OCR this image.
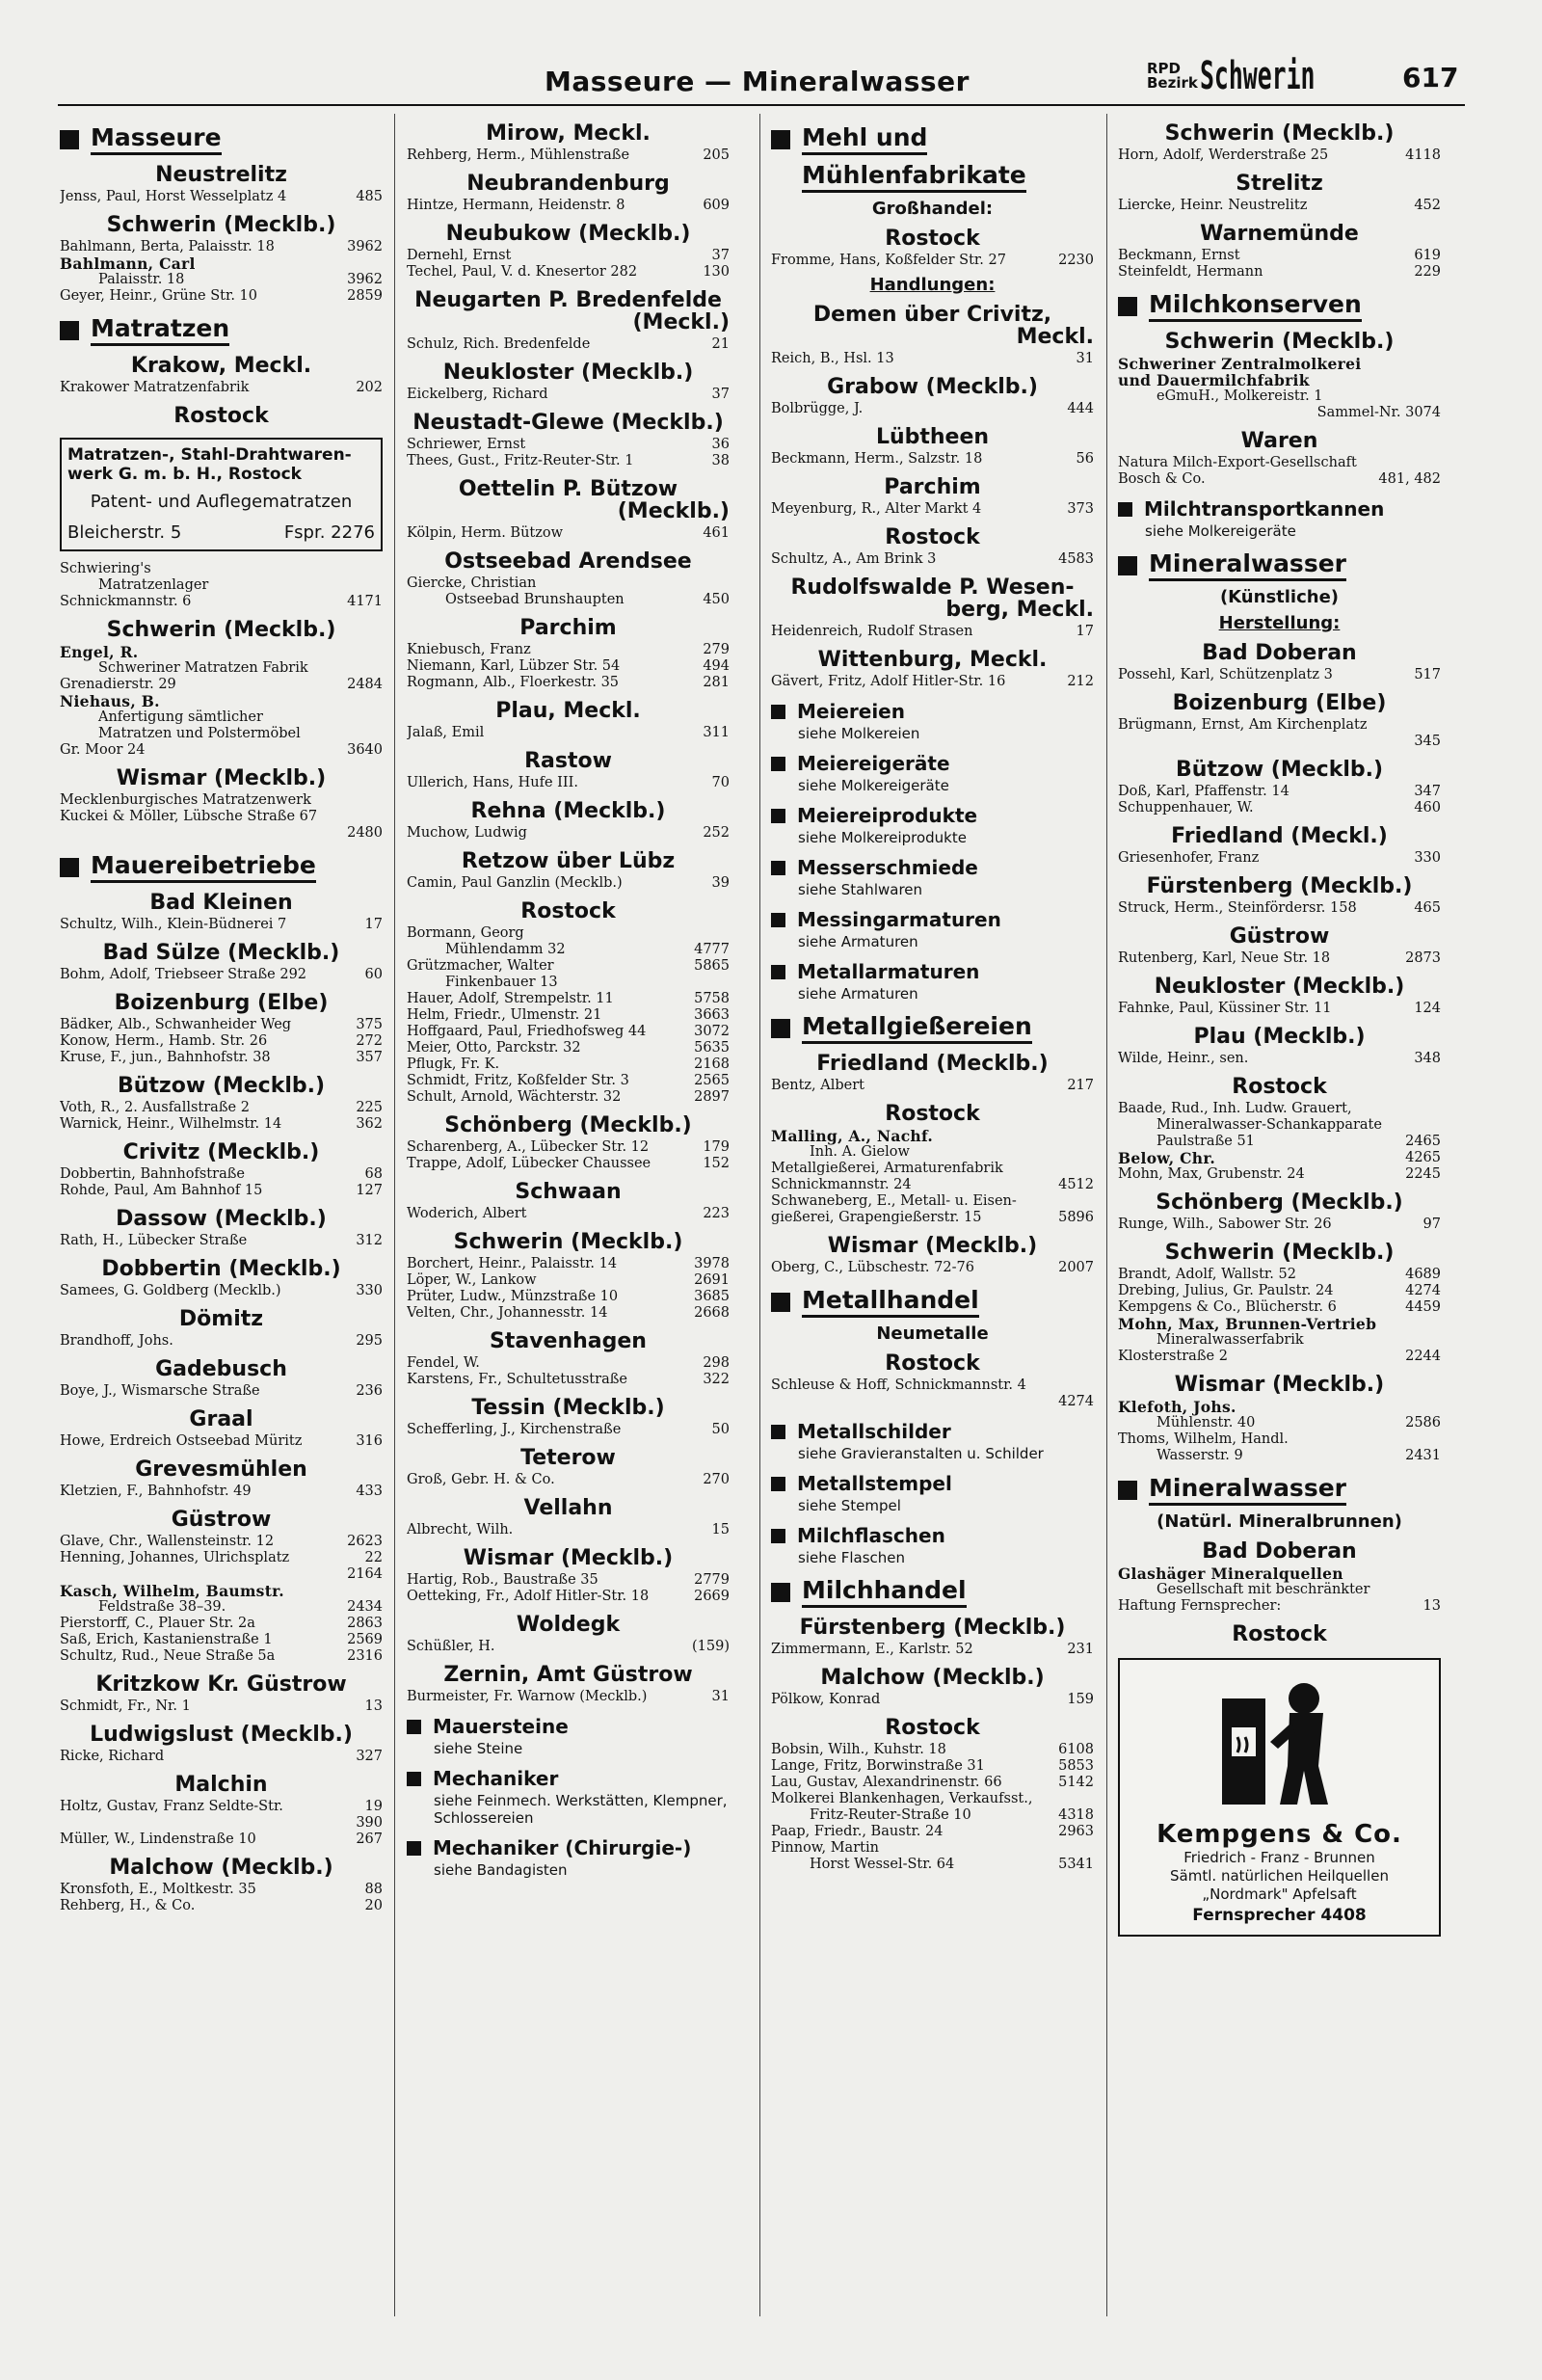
Masseure — Mineralwasser	RPD
Bezirk Schwerin	617
Masseure
Neustrelitz
Jenss, Paul, Horst Wesselplatz 4	485
Schwerin (Mecklb.)
Bahlmann, Berta, Palaisstr. 18	3962
Bahlmann, Carl
Palaisstr. 18	3962
Geyer, Heinr., Grüne Str. 10	2859
Matratzen
Krakow, Meckl.
Krakower Matratzenfabrik	202
Rostock
Matratzen-, Stahl-Drahtwaren-werk G. m. b. H., Rostock
Patent- und Auflegematratzen
Bleicherstr. 5	Fspr. 2276
Schwiering's
Matratzenlager
Schnickmannstr. 6	4171
Schwerin (Mecklb.)
Engel, R.
Schweriner Matratzen Fabrik
Grenadierstr. 29	2484
Niehaus, B.
Anfertigung sämtlicher
Matratzen und Polstermöbel
Gr. Moor 24	3640
Wismar (Mecklb.)
Mecklenburgisches Matratzenwerk
Kuckei & Möller, Lübsche Straße 67
2480
Mauereibetriebe
Bad Kleinen
Schultz, Wilh., Klein-Büdnerei 7	17
Bad Sülze (Mecklb.)
Bohm, Adolf, Triebseer Straße 292	60
Boizenburg (Elbe)
Bädker, Alb., Schwanheider Weg	375
Konow, Herm., Hamb. Str. 26	272
Kruse, F., jun., Bahnhofstr. 38	357
Bützow (Mecklb.)
Voth, R., 2. Ausfallstraße 2	225
Warnick, Heinr., Wilhelmstr. 14	362
Crivitz (Mecklb.)
Dobbertin, Bahnhofstraße	68
Rohde, Paul, Am Bahnhof 15	127
Dassow (Mecklb.)
Rath, H., Lübecker Straße	312
Dobbertin (Mecklb.)
Samees, G. Goldberg (Mecklb.)	330
Dömitz
Brandhoff, Johs.	295
Gadebusch
Boye, J., Wismarsche Straße	236
Graal
Howe, Erdreich Ostseebad Müritz	316
Grevesmühlen
Kletzien, F., Bahnhofstr. 49	433
Güstrow
Glave, Chr., Wallensteinstr. 12	2623
Henning, Johannes, Ulrichsplatz	22
2164
Kasch, Wilhelm, Baumstr.
Feldstraße 38–39.	2434
Pierstorff, C., Plauer Str. 2a	2863
Saß, Erich, Kastanienstraße 1	2569
Schultz, Rud., Neue Straße 5a	2316
Kritzkow Kr. Güstrow
Schmidt, Fr., Nr. 1	13
Ludwigslust (Mecklb.)
Ricke, Richard	327
Malchin
Holtz, Gustav, Franz Seldte-Str.	19
390
Müller, W., Lindenstraße 10	267
Malchow (Mecklb.)
Kronsfoth, E., Moltkestr. 35	88
Rehberg, H., & Co.	20
Mirow, Meckl.
Rehberg, Herm., Mühlenstraße	205
Neubrandenburg
Hintze, Hermann, Heidenstr. 8	609
Neubukow (Mecklb.)
Dernehl, Ernst	37
Techel, Paul, V. d. Knesertor 282	130
Neugarten P. Bredenfelde
(Meckl.)
Schulz, Rich. Bredenfelde	21
Neukloster (Mecklb.)
Eickelberg, Richard	37
Neustadt-Glewe (Mecklb.)
Schriewer, Ernst	36
Thees, Gust., Fritz-Reuter-Str. 1	38
Oettelin P. Bützow
(Mecklb.)
Kölpin, Herm. Bützow	461
Ostseebad Arendsee
Giercke, Christian
Ostseebad Brunshaupten	450
Parchim
Kniebusch, Franz	279
Niemann, Karl, Lübzer Str. 54	494
Rogmann, Alb., Floerkestr. 35	281
Plau, Meckl.
Jalaß, Emil	311
Rastow
Ullerich, Hans, Hufe III.	70
Rehna (Mecklb.)
Muchow, Ludwig	252
Retzow über Lübz
Camin, Paul Ganzlin (Mecklb.)	39
Rostock
Bormann, Georg
Mühlendamm 32	4777
Grützmacher, Walter	5865
Finkenbauer 13
Hauer, Adolf, Strempelstr. 11	5758
Helm, Friedr., Ulmenstr. 21	3663
Hoffgaard, Paul, Friedhofsweg 44	3072
Meier, Otto, Parckstr. 32	5635
Pflugk, Fr. K.	2168
Schmidt, Fritz, Koßfelder Str. 3	2565
Schult, Arnold, Wächterstr. 32	2897
Schönberg (Mecklb.)
Scharenberg, A., Lübecker Str. 12	179
Trappe, Adolf, Lübecker Chaussee	152
Schwaan
Woderich, Albert	223
Schwerin (Mecklb.)
Borchert, Heinr., Palaisstr. 14	3978
Löper, W., Lankow	2691
Prüter, Ludw., Münzstraße 10	3685
Velten, Chr., Johannesstr. 14	2668
Stavenhagen
Fendel, W.	298
Karstens, Fr., Schultetusstraße	322
Tessin (Mecklb.)
Schefferling, J., Kirchenstraße	50
Teterow
Groß, Gebr. H. & Co.	270
Vellahn
Albrecht, Wilh.	15
Wismar (Mecklb.)
Hartig, Rob., Baustraße 35	2779
Oetteking, Fr., Adolf Hitler-Str. 18	2669
Woldegk
Schüßler, H.	(159)
Zernin, Amt Güstrow
Burmeister, Fr. Warnow (Mecklb.)	31
Mauersteine
siehe Steine
Mechaniker
siehe Feinmech. Werkstätten, Klempner, Schlossereien
Mechaniker (Chirurgie-)
siehe Bandagisten
Mehl und
Mühlenfabrikate
Großhandel:
Rostock
Fromme, Hans, Koßfelder Str. 27	2230
Handlungen:
Demen über Crivitz,
Meckl.
Reich, B., Hsl. 13	31
Grabow (Mecklb.)
Bolbrügge, J.	444
Lübtheen
Beckmann, Herm., Salzstr. 18	56
Parchim
Meyenburg, R., Alter Markt 4	373
Rostock
Schultz, A., Am Brink 3	4583
Rudolfswalde P. Wesen-
berg, Meckl.
Heidenreich, Rudolf Strasen	17
Wittenburg, Meckl.
Gävert, Fritz, Adolf Hitler-Str. 16	212
Meiereien
siehe Molkereien
Meiereigeräte
siehe Molkereigeräte
Meiereiprodukte
siehe Molkereiprodukte
Messerschmiede
siehe Stahlwaren
Messingarmaturen
siehe Armaturen
Metallarmaturen
siehe Armaturen
Metallgießereien
Friedland (Mecklb.)
Bentz, Albert	217
Rostock
Malling, A., Nachf.
Inh. A. Gielow
Metallgießerei, Armaturenfabrik
Schnickmannstr. 24	4512
Schwaneberg, E., Metall- u. Eisen-
gießerei, Grapengießerstr. 15	5896
Wismar (Mecklb.)
Oberg, C., Lübschestr. 72-76	2007
Metallhandel
Neumetalle
Rostock
Schleuse & Hoff, Schnickmannstr. 4
4274
Metallschilder
siehe Gravieranstalten u. Schilder
Metallstempel
siehe Stempel
Milchflaschen
siehe Flaschen
Milchhandel
Fürstenberg (Mecklb.)
Zimmermann, E., Karlstr. 52	231
Malchow (Mecklb.)
Pölkow, Konrad	159
Rostock
Bobsin, Wilh., Kuhstr. 18	6108
Lange, Fritz, Borwinstraße 31	5853
Lau, Gustav, Alexandrinenstr. 66	5142
Molkerei Blankenhagen, Verkaufsst.,
Fritz-Reuter-Straße 10	4318
Paap, Friedr., Baustr. 24	2963
Pinnow, Martin
Horst Wessel-Str. 64	5341
Schwerin (Mecklb.)
Horn, Adolf, Werderstraße 25	4118
Strelitz
Liercke, Heinr. Neustrelitz	452
Warnemünde
Beckmann, Ernst	619
Steinfeldt, Hermann	229
Milchkonserven
Schwerin (Mecklb.)
Schweriner Zentralmolkerei
und Dauermilchfabrik
eGmuH., Molkereistr. 1
Sammel-Nr. 3074
Waren
Natura Milch-Export-Gesellschaft
Bosch & Co.	481, 482
Milchtransportkannen
siehe Molkereigeräte
Mineralwasser
(Künstliche)
Herstellung:
Bad Doberan
Possehl, Karl, Schützenplatz 3	517
Boizenburg (Elbe)
Brügmann, Ernst, Am Kirchenplatz
345
Bützow (Mecklb.)
Doß, Karl, Pfaffenstr. 14	347
Schuppenhauer, W.	460
Friedland (Meckl.)
Griesenhofer, Franz	330
Fürstenberg (Mecklb.)
Struck, Herm., Steinfördersr. 158	465
Güstrow
Rutenberg, Karl, Neue Str. 18	2873
Neukloster (Mecklb.)
Fahnke, Paul, Küssiner Str. 11	124
Plau (Mecklb.)
Wilde, Heinr., sen.	348
Rostock
Baade, Rud., Inh. Ludw. Grauert,
Mineralwasser-Schankapparate
Paulstraße 51	2465
Below, Chr.	4265
Mohn, Max, Grubenstr. 24	2245
Schönberg (Mecklb.)
Runge, Wilh., Sabower Str. 26	97
Schwerin (Mecklb.)
Brandt, Adolf, Wallstr. 52	4689
Drebing, Julius, Gr. Paulstr. 24	4274
Kempgens & Co., Blücherstr. 6	4459
Mohn, Max, Brunnen-Vertrieb
Mineralwasserfabrik
Klosterstraße 2	2244
Wismar (Mecklb.)
Klefoth, Johs.
Mühlenstr. 40	2586
Thoms, Wilhelm, Handl.
Wasserstr. 9	2431
Mineralwasser
(Natürl. Mineralbrunnen)
Bad Doberan
Glashäger Mineralquellen
Gesellschaft mit beschränkter
Haftung Fernsprecher:	13
Rostock
Kempgens & Co.
Friedrich - Franz - Brunnen
Sämtl. natürlichen Heilquellen
„Nordmark" Apfelsaft
Fernsprecher 4408
